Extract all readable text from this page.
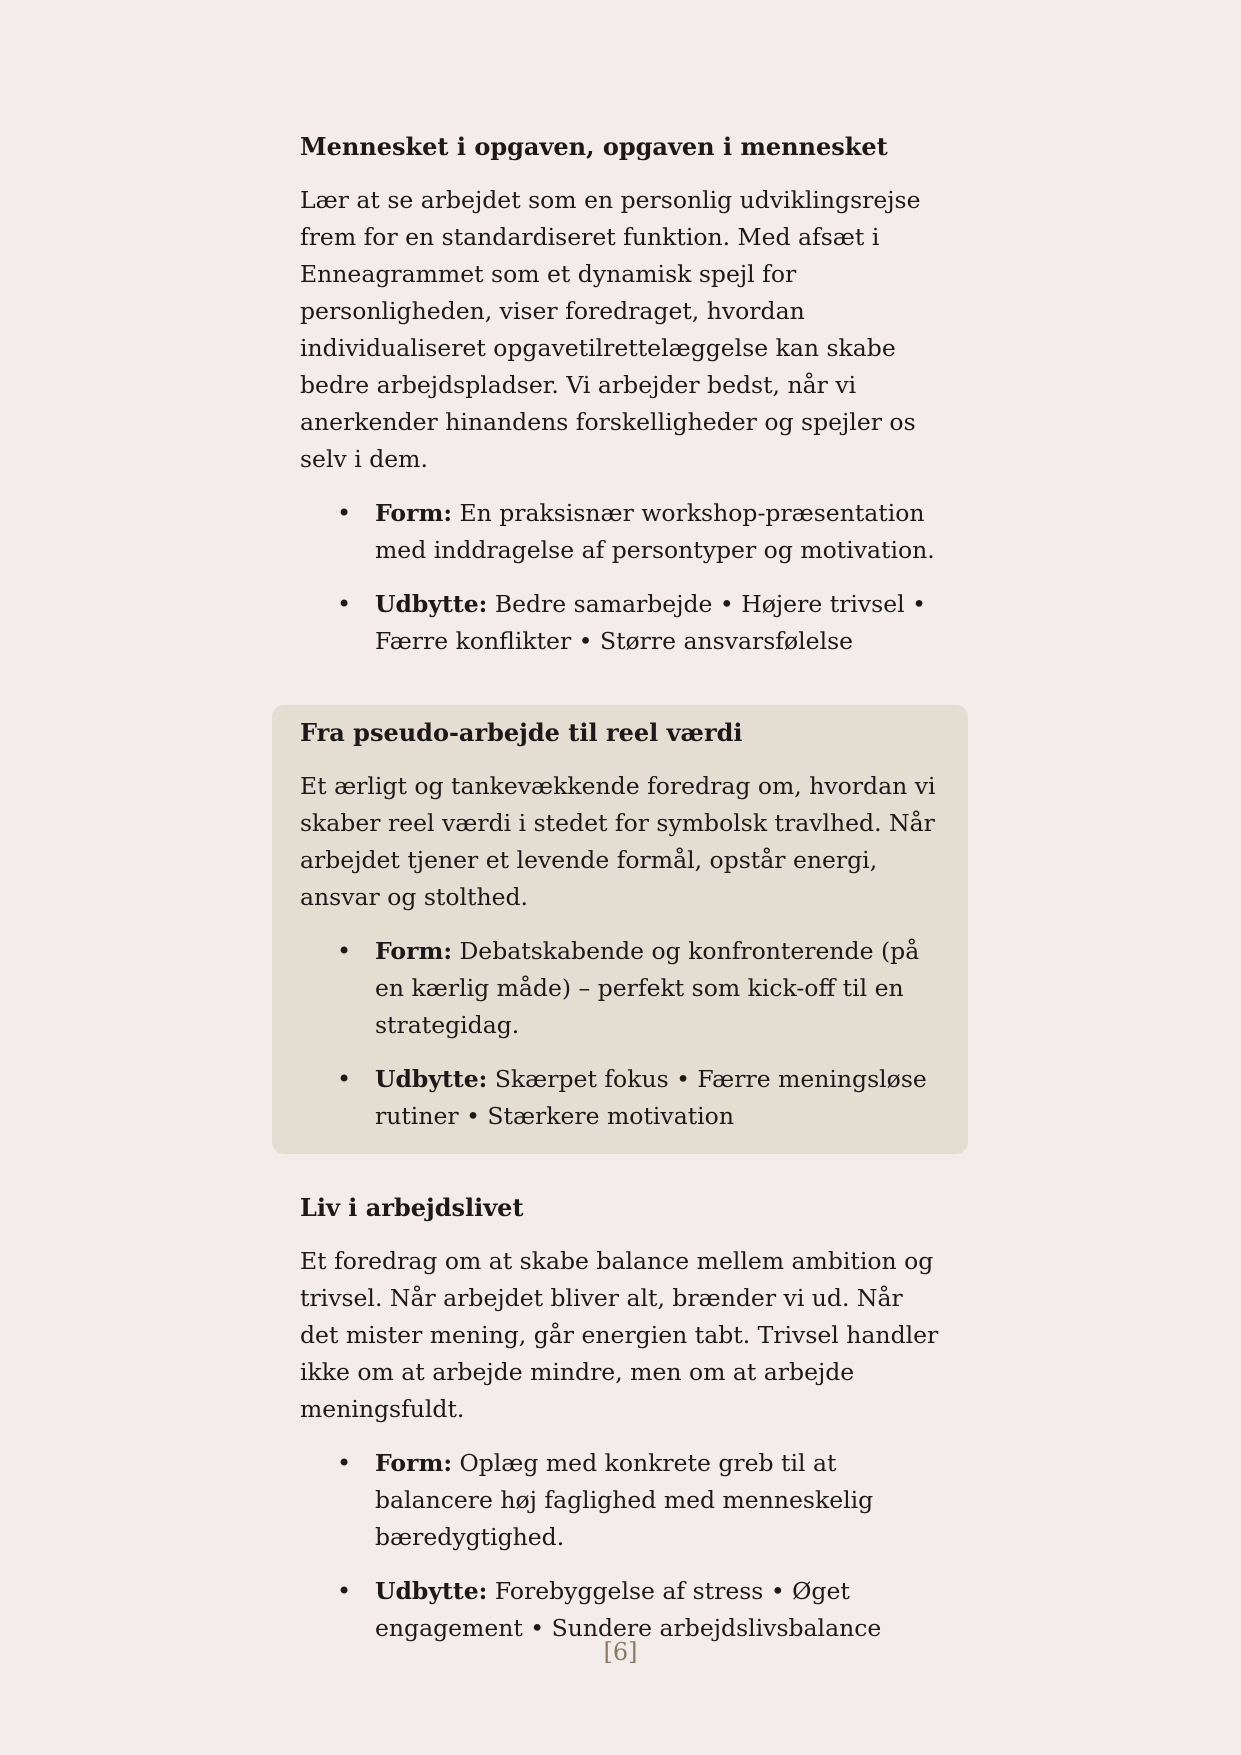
Mennesket i opgaven, opgaven i mennesket
Lær at se arbejdet som en personlig udviklingsrejse frem for en standardiseret funktion. Med afsæt i Enneagrammet som et dynamisk spejl for personligheden, viser foredraget, hvordan individualiseret opgavetilrettelæggelse kan skabe bedre arbejdspladser. Vi arbejder bedst, når vi anerkender hinandens forskelligheder og spejler os selv i dem.
• Form: En praksisnær workshop-præsentation med inddragelse af persontyper og motivation.
• Udbytte: Bedre samarbejde • Højere trivsel • Færre konflikter • Større ansvarsfølelse
Fra pseudo-arbejde til reel værdi
Et ærligt og tankevækkende foredrag om, hvordan vi skaber reel værdi i stedet for symbolsk travlhed. Når arbejdet tjener et levende formål, opstår energi, ansvar og stolthed.
• Form: Debatskabende og konfronterende (på en kærlig måde) – perfekt som kick-off til en strategidag.
• Udbytte: Skærpet fokus • Færre meningsløse rutiner • Stærkere motivation
Liv i arbejdslivet
Et foredrag om at skabe balance mellem ambition og trivsel. Når arbejdet bliver alt, brænder vi ud. Når det mister mening, går energien tabt. Trivsel handler ikke om at arbejde mindre, men om at arbejde meningsfuldt.
• Form: Oplæg med konkrete greb til at balancere høj faglighed med menneskelig bæredygtighed.
• Udbytte: Forebyggelse af stress • Øget engagement • Sundere arbejdslivsbalance
[6]
